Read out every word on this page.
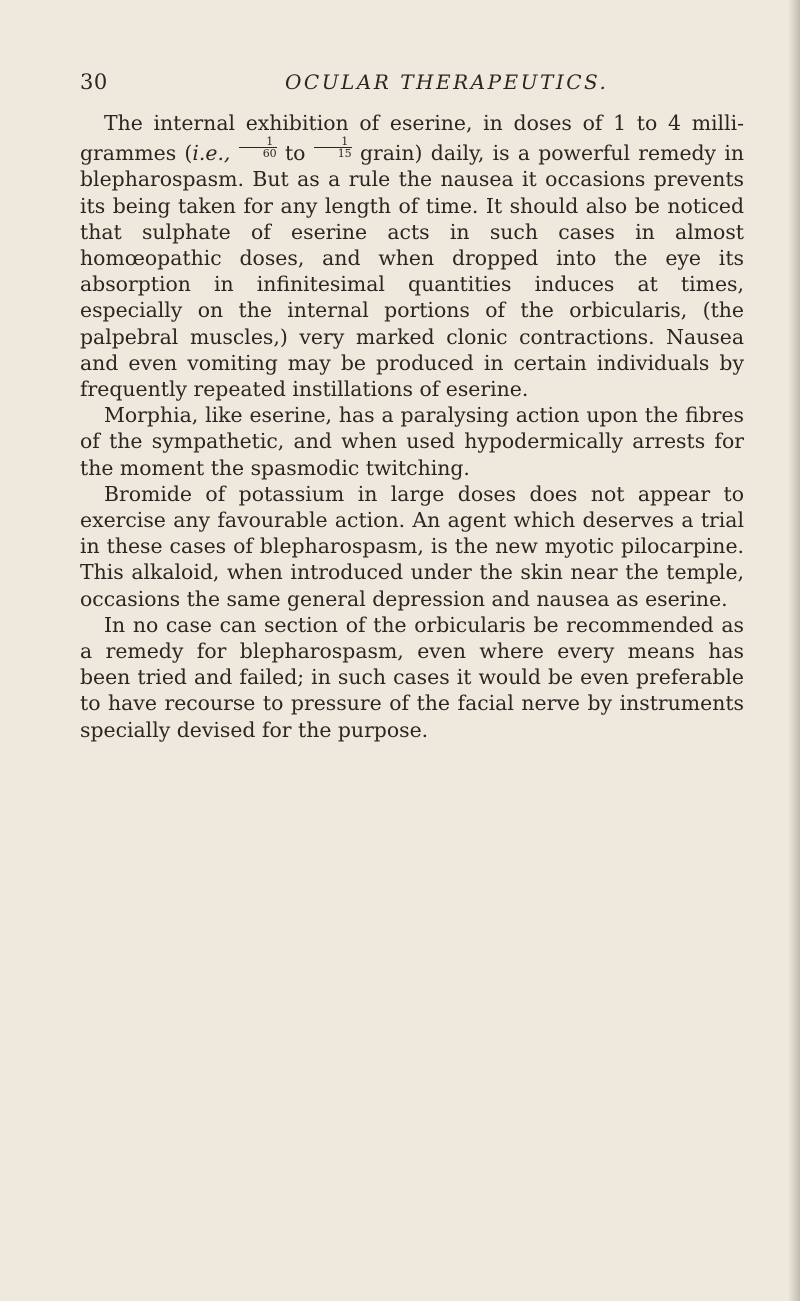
30	OCULAR THERAPEUTICS.

The internal exhibition of eserine, in doses of 1 to 4 milli- grammes (i.e., $\frac{1}{60}$ to $\frac{1}{15}$ grain) daily, is a powerful remedy in blepharospasm. But as a rule the nausea it occasions prevents its being taken for any length of time. It should also be noticed that sulphate of eserine acts in such cases in almost homœopathic doses, and when dropped into the eye its absorption in infinitesimal quantities induces at times, especially on the internal portions of the orbicularis, (the palpebral muscles,) very marked clonic contractions. Nausea and even vomiting may be produced in certain individuals by frequently repeated instillations of eserine.

Morphia, like eserine, has a paralysing action upon the fibres of the sympathetic, and when used hypodermically arrests for the moment the spasmodic twitching.

Bromide of potassium in large doses does not appear to exercise any favourable action. An agent which deserves a trial in these cases of blepharospasm, is the new myotic pilocarpine. This alkaloid, when introduced under the skin near the temple, occasions the same general depression and nausea as eserine.

In no case can section of the orbicularis be recommended as a remedy for blepharospasm, even where every means has been tried and failed; in such cases it would be even preferable to have recourse to pressure of the facial nerve by instruments specially devised for the purpose.
